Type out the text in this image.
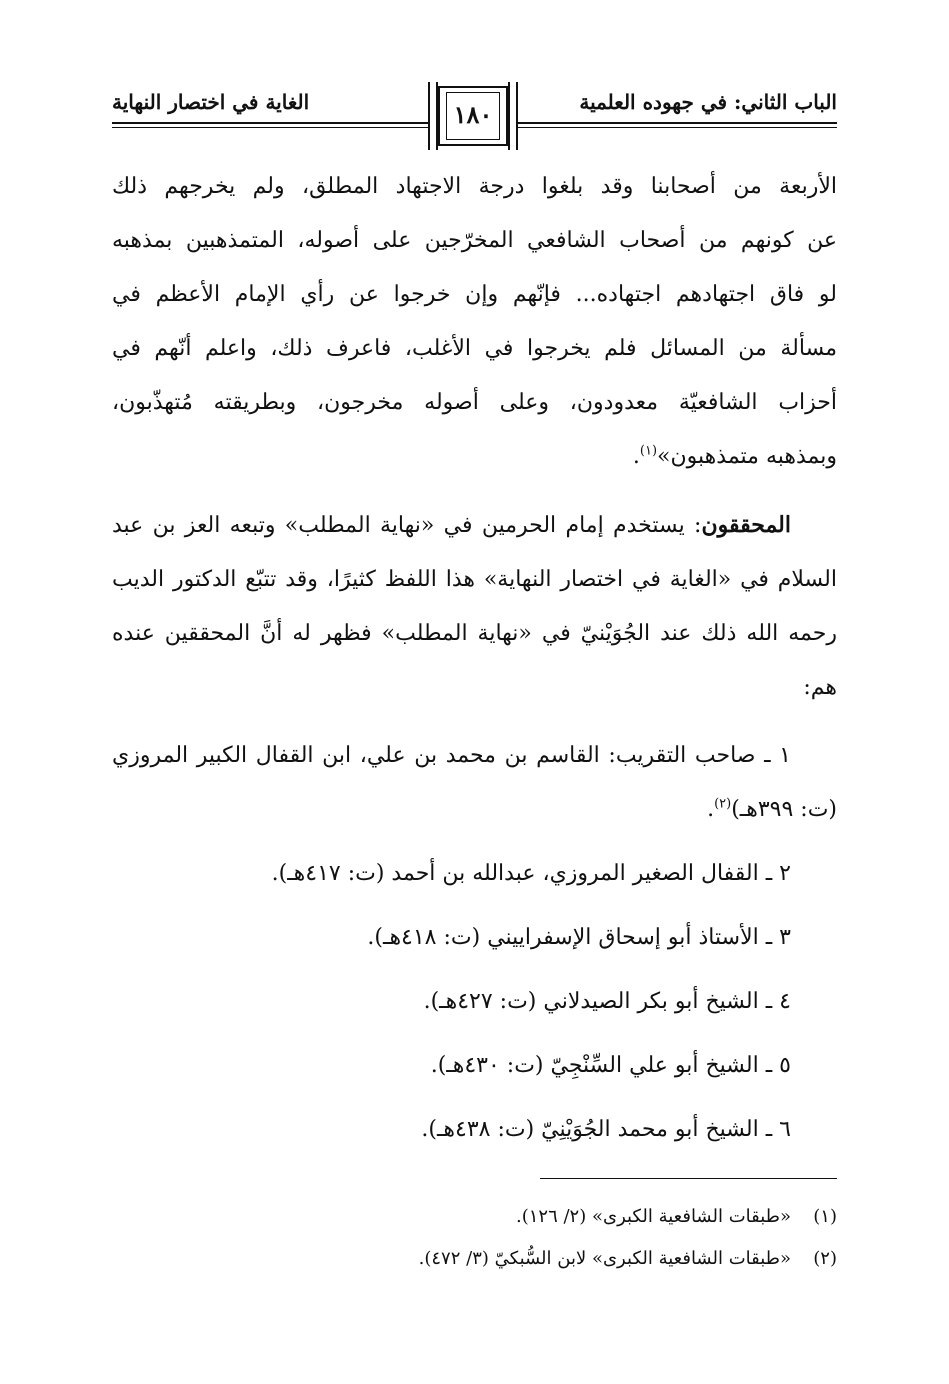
الباب الثاني: في جهوده العلمية
الغاية في اختصار النهاية	١٨٠

الأربعة من أصحابنا وقد بلغوا درجة الاجتهاد المطلق، ولم يخرجهم ذلك

عن كونهم من أصحاب الشافعي المخرّجين على أصوله، المتمذهبين بمذهبه

لو فاق اجتهادهم اجتهاده... فإنّهم وإن خرجوا عن رأي الإمام الأعظم في

مسألة من المسائل فلم يخرجوا في الأغلب، فاعرف ذلك، واعلم أنّهم في

أحزاب الشافعيّة معدودون، وعلى أصوله مخرجون، وبطريقته مُتهذّبون،

وبمذهبه متمذهبون»$^{(١)}$.

المحققون: يستخدم إمام الحرمين في «نهاية المطلب» وتبعه العز بن عبد السلام في «الغاية في اختصار النهاية» هذا اللفظ كثيرًا، وقد تتبّع الدكتور الديب رحمه الله ذلك عند الجُوَيْنيّ في «نهاية المطلب» فظهر له أنَّ المحققين عنده هم:

١ ـ صاحب التقريب: القاسم بن محمد بن علي، ابن القفال الكبير المروزي (ت: ٣٩٩هـ)$^{(٢)}$.

٢ ـ القفال الصغير المروزي، عبدالله بن أحمد (ت: ٤١٧هـ).

٣ ـ الأستاذ أبو إسحاق الإسفراييني (ت: ٤١٨هـ).

٤ ـ الشيخ أبو بكر الصيدلاني (ت: ٤٢٧هـ).

٥ ـ الشيخ أبو علي السِّنْجِيّ (ت: ٤٣٠هـ).

٦ ـ الشيخ أبو محمد الجُوَيْنِيّ (ت: ٤٣٨هـ).

(١)«طبقات الشافعية الكبرى» (٢/ ١٢٦).

(٢)«طبقات الشافعية الكبرى» لابن السُّبكيّ (٣/ ٤٧٢).
